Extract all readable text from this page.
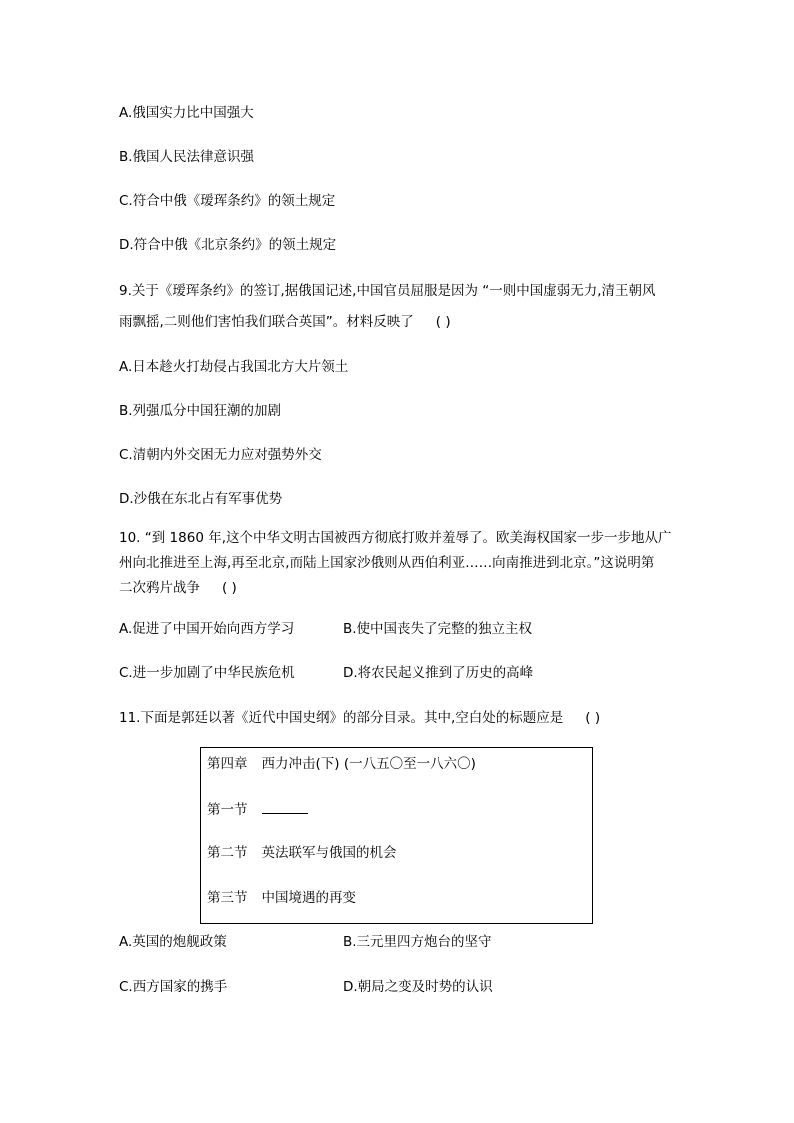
A.俄国实力比中国强大
B.俄国人民法律意识强
C.符合中俄《瑷珲条约》的领土规定
D.符合中俄《北京条约》的领土规定
9.关于《瑷珲条约》的签订,据俄国记述,中国官员屈服是因为 “一则中国虚弱无力,清王朝风
雨飘摇,二则他们害怕我们联合英国”。材料反映了 ( )
A.日本趁火打劫侵占我国北方大片领土
B.列强瓜分中国狂潮的加剧
C.清朝内外交困无力应对强势外交
D.沙俄在东北占有军事优势
10. “到 1860 年,这个中华文明古国被西方彻底打败并羞辱了。欧美海权国家一步一步地从广
州向北推进至上海,再至北京,而陆上国家沙俄则从西伯利亚……向南推进到北京。”这说明第
二次鸦片战争 ( )
A.促进了中国开始向西方学习	B.使中国丧失了完整的独立主权
C.进一步加剧了中华民族危机	D.将农民起义推到了历史的高峰
11.下面是郭廷以著《近代中国史纲》的部分目录。其中,空白处的标题应是 ( )
第四章 西力冲击(下) (一八五〇至一八六〇)
第一节
第二节 英法联军与俄国的机会
第三节 中国境遇的再变
A.英国的炮舰政策	B.三元里四方炮台的坚守
C.西方国家的携手	D.朝局之变及时势的认识
